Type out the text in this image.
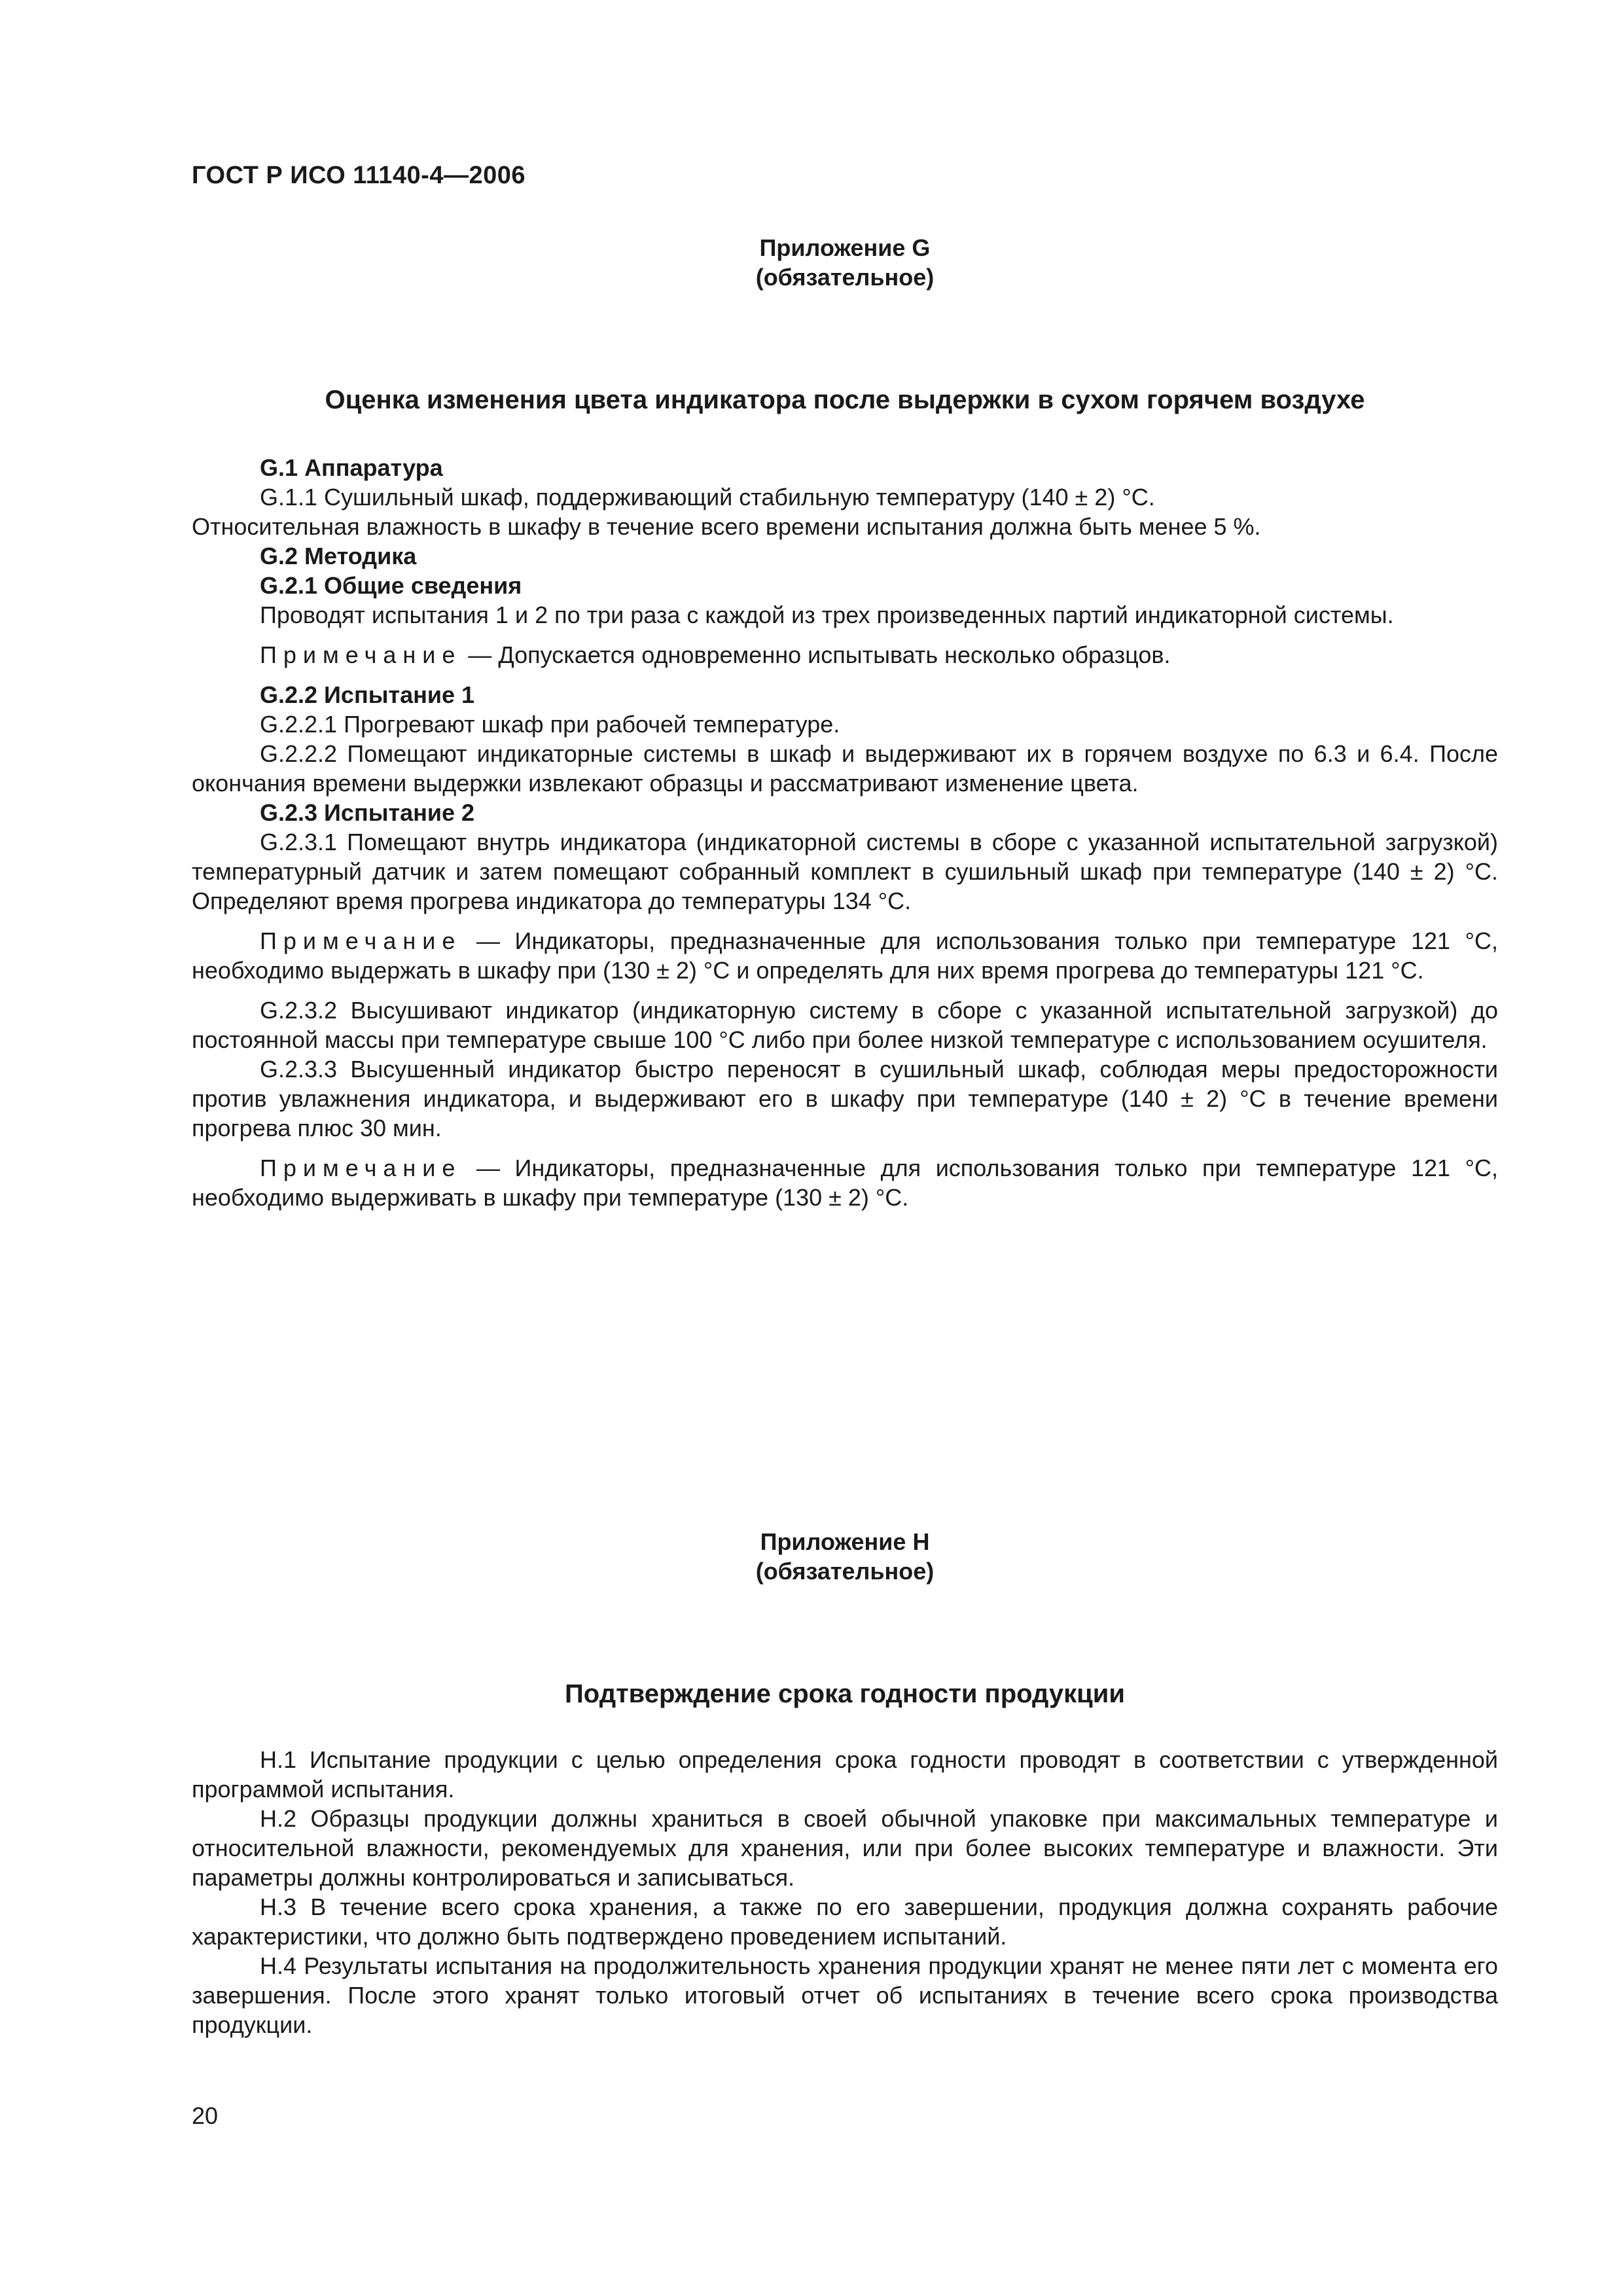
ГОСТ Р ИСО 11140-4—2006
Приложение G
(обязательное)
Оценка изменения цвета индикатора после выдержки в сухом горячем воздухе

G.1 Аппаратура

G.1.1 Сушильный шкаф, поддерживающий стабильную температуру (140 ± 2) °С.

Относительная влажность в шкафу в течение всего времени испытания должна быть менее 5 %.

G.2 Методика

G.2.1 Общие сведения

Проводят испытания 1 и 2 по три раза с каждой из трех произведенных партий индикаторной системы.

Примечание — Допускается одновременно испытывать несколько образцов.

G.2.2 Испытание 1

G.2.2.1 Прогревают шкаф при рабочей температуре.

G.2.2.2 Помещают индикаторные системы в шкаф и выдерживают их в горячем воздухе по 6.3 и 6.4. После окончания времени выдержки извлекают образцы и рассматривают изменение цвета.

G.2.3 Испытание 2

G.2.3.1 Помещают внутрь индикатора (индикаторной системы в сборе с указанной испытательной загрузкой) температурный датчик и затем помещают собранный комплект в сушильный шкаф при температуре (140 ± 2) °С. Определяют время прогрева индикатора до температуры 134 °С.

Примечание — Индикаторы, предназначенные для использования только при температуре 121 °С, необходимо выдержать в шкафу при (130 ± 2) °С и определять для них время прогрева до температуры 121 °С.

G.2.3.2 Высушивают индикатор (индикаторную систему в сборе с указанной испытательной загрузкой) до постоянной массы при температуре свыше 100 °С либо при более низкой температуре с использованием осушителя.

G.2.3.3 Высушенный индикатор быстро переносят в сушильный шкаф, соблюдая меры предосторожности против увлажнения индикатора, и выдерживают его в шкафу при температуре (140 ± 2) °С в течение времени прогрева плюс 30 мин.

Примечание — Индикаторы, предназначенные для использования только при температуре 121 °С, необходимо выдерживать в шкафу при температуре (130 ± 2) °С.

Приложение Н
(обязательное)
Подтверждение срока годности продукции

Н.1 Испытание продукции с целью определения срока годности проводят в соответствии с утвержденной программой испытания.

Н.2 Образцы продукции должны храниться в своей обычной упаковке при максимальных температуре и относительной влажности, рекомендуемых для хранения, или при более высоких температуре и влажности. Эти параметры должны контролироваться и записываться.

Н.3 В течение всего срока хранения, а также по его завершении, продукция должна сохранять рабочие характеристики, что должно быть подтверждено проведением испытаний.

Н.4 Результаты испытания на продолжительность хранения продукции хранят не менее пяти лет с момента его завершения. После этого хранят только итоговый отчет об испытаниях в течение всего срока производства продукции.

20
